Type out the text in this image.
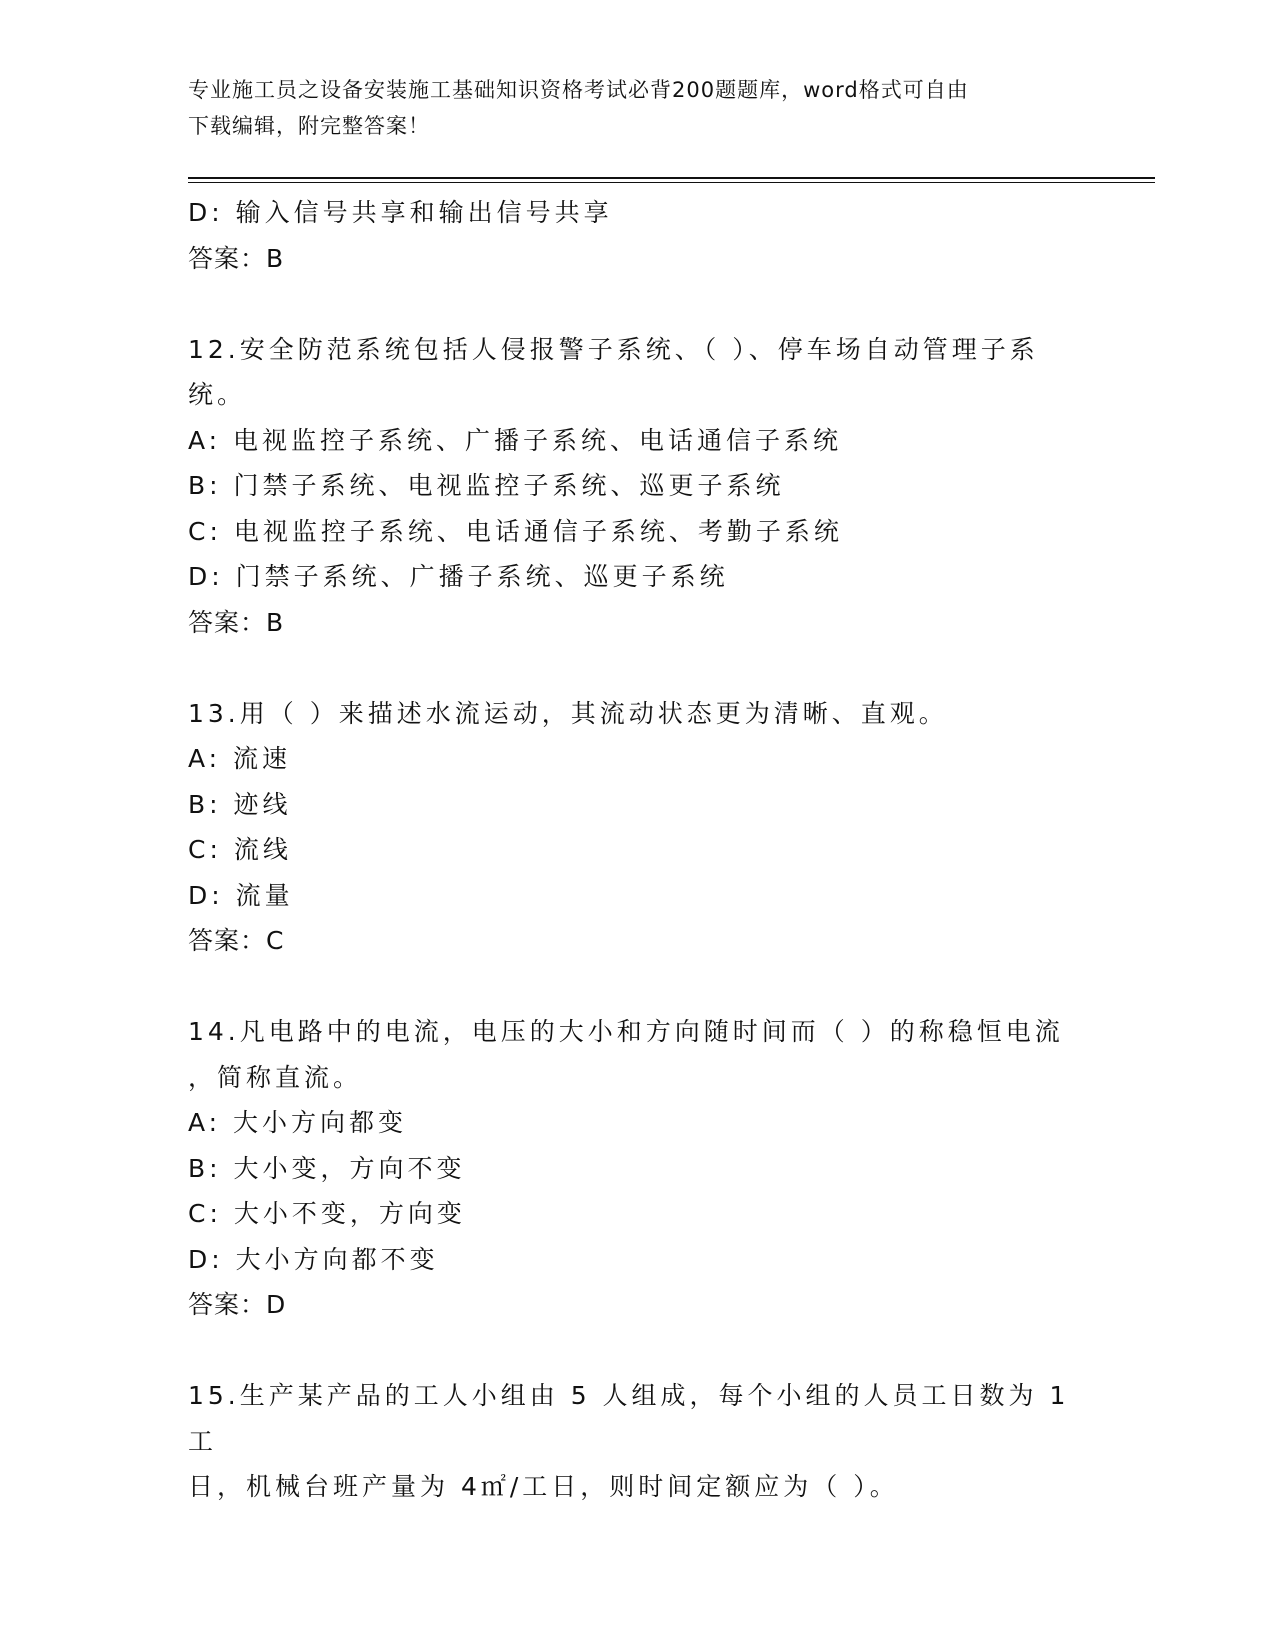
专业施工员之设备安装施工基础知识资格考试必背200题题库，word格式可自由
下载编辑，附完整答案！
D: 输入信号共享和输出信号共享
答案：B
12.安全防范系统包括人侵报警子系统、（ ）、停车场自动管理子系
统。
A: 电视监控子系统、广播子系统、电话通信子系统
B: 门禁子系统、电视监控子系统、巡更子系统
C: 电视监控子系统、电话通信子系统、考勤子系统
D: 门禁子系统、广播子系统、巡更子系统
答案：B
13.用（ ）来描述水流运动，其流动状态更为清晰、直观。
A: 流速
B: 迹线
C: 流线
D: 流量
答案：C
14.凡电路中的电流，电压的大小和方向随时间而（ ）的称稳恒电流
，简称直流。
A: 大小方向都变
B: 大小变，方向不变
C: 大小不变，方向变
D: 大小方向都不变
答案：D
15.生产某产品的工人小组由 5 人组成，每个小组的人员工日数为 1 工
日，机械台班产量为 4㎡/工日，则时间定额应为（ ）。
